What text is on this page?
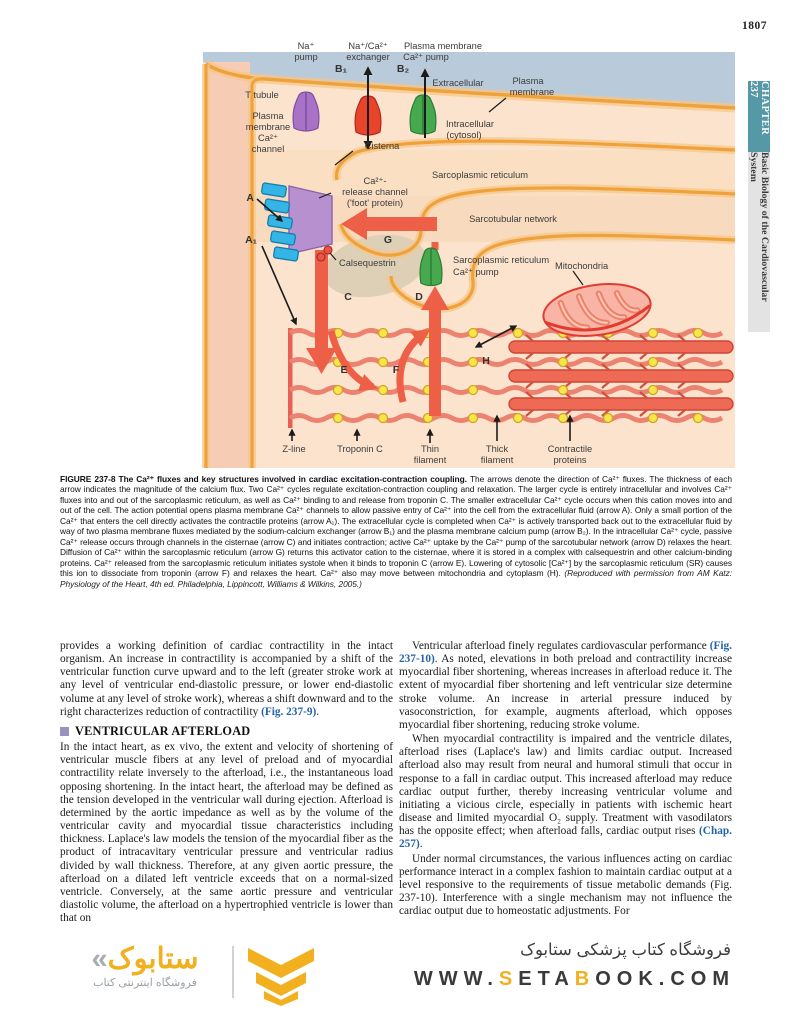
1807
CHAPTER 237
Basic Biology of the Cardiovascular System
Na⁺
pump
Na⁺/Ca²⁺
exchanger
Plasma membrane
Ca²⁺ pump
B₁	B₂
Extracellular	Plasma
membrane
T tubule
Intracellular
(cytosol)
Plasma
membrane
Ca²⁺
channel	Cisterna
Sarcoplasmic reticulum
Ca²⁺-
release channel
('foot' protein)
Sarcotubular network
G
C	D
E	F
H
Z-line	Troponin C	Thin
filament
Thick
filament
Contractile
proteins
A
A₁
Calsequestrin	Sarcoplasmic reticulum
Ca²⁺ pump
Mitochondria
FIGURE 237-8 The Ca²⁺ fluxes and key structures involved in cardiac excitation-contraction coupling. The arrows denote the direction of Ca²⁺ fluxes. The thickness of each arrow indicates the magnitude of the calcium flux. Two Ca²⁺ cycles regulate excitation-contraction coupling and relaxation. The larger cycle is entirely intracellular and involves Ca²⁺ fluxes into and out of the sarcoplasmic reticulum, as well as Ca²⁺ binding to and release from troponin C. The smaller extracellular Ca²⁺ cycle occurs when this cation moves into and out of the cell. The action potential opens plasma membrane Ca²⁺ channels to allow passive entry of Ca²⁺ into the cell from the extracellular fluid (arrow A). Only a small portion of the Ca²⁺ that enters the cell directly activates the contractile proteins (arrow A₁). The extracellular cycle is completed when Ca²⁺ is actively transported back out to the extracellular fluid by way of two plasma membrane fluxes mediated by the sodium-calcium exchanger (arrow B₁) and the plasma membrane calcium pump (arrow B₂). In the intracellular Ca²⁺ cycle, passive Ca²⁺ release occurs through channels in the cisternae (arrow C) and initiates contraction; active Ca²⁺ uptake by the Ca²⁺ pump of the sarcotubular network (arrow D) relaxes the heart. Diffusion of Ca²⁺ within the sarcoplasmic reticulum (arrow G) returns this activator cation to the cisternae, where it is stored in a complex with calsequestrin and other calcium-binding proteins. Ca²⁺ released from the sarcoplasmic reticulum initiates systole when it binds to troponin C (arrow E). Lowering of cytosolic [Ca²⁺] by the sarcoplasmic reticulum (SR) causes this ion to dissociate from troponin (arrow F) and relaxes the heart. Ca²⁺ also may move between mitochondria and cytoplasm (H). (Reproduced with permission from AM Katz: Physiology of the Heart, 4th ed. Philadelphia, Lippincott, Williams & Wilkins, 2005.)

provides a working definition of cardiac contractility in the intact organism. An increase in contractility is accompanied by a shift of the ventricular function curve upward and to the left (greater stroke work at any level of ventricular end-diastolic pressure, or lower end-diastolic volume at any level of stroke work), whereas a shift downward and to the right characterizes reduction of contractility (Fig. 237-9).

VENTRICULAR AFTERLOAD

In the intact heart, as ex vivo, the extent and velocity of shortening of ventricular muscle fibers at any level of preload and of myocardial contractility relate inversely to the afterload, i.e., the instantaneous load opposing shortening. In the intact heart, the afterload may be defined as the tension developed in the ventricular wall during ejection. Afterload is determined by the aortic impedance as well as by the volume of the ventricular cavity and myocardial tissue characteristics including thickness. Laplace's law models the tension of the myocardial fiber as the product of intracavitary ventricular pressure and ventricular radius divided by wall thickness. Therefore, at any given aortic pressure, the afterload on a dilated left ventricle exceeds that on a normal-sized ventricle. Conversely, at the same aortic pressure and ventricular diastolic volume, the afterload on a hypertrophied ventricle is lower than that on

Ventricular afterload finely regulates cardiovascular performance (Fig. 237-10). As noted, elevations in both preload and contractility increase myocardial fiber shortening, whereas increases in afterload reduce it. The extent of myocardial fiber shortening and left ventricular size determine stroke volume. An increase in arterial pressure induced by vasoconstriction, for example, augments afterload, which opposes myocardial fiber shortening, reducing stroke volume.

When myocardial contractility is impaired and the ventricle dilates, afterload rises (Laplace's law) and limits cardiac output. Increased afterload also may result from neural and humoral stimuli that occur in response to a fall in cardiac output. This increased afterload may reduce cardiac output further, thereby increasing ventricular volume and initiating a vicious circle, especially in patients with ischemic heart disease and limited myocardial O₂ supply. Treatment with vasodilators has the opposite effect; when afterload falls, cardiac output rises (Chap. 257).

Under normal circumstances, the various influences acting on cardiac performance interact in a complex fashion to maintain cardiac output at a level responsive to the requirements of tissue metabolic demands (Fig. 237-10). Interference with a single mechanism may not influence the cardiac output due to homeostatic adjustments. For

«ستابوک
فروشگاه اینترنتی کتاب
فروشگاه کتاب پزشکی ستابوک
WWW.SETABOOK.COM
